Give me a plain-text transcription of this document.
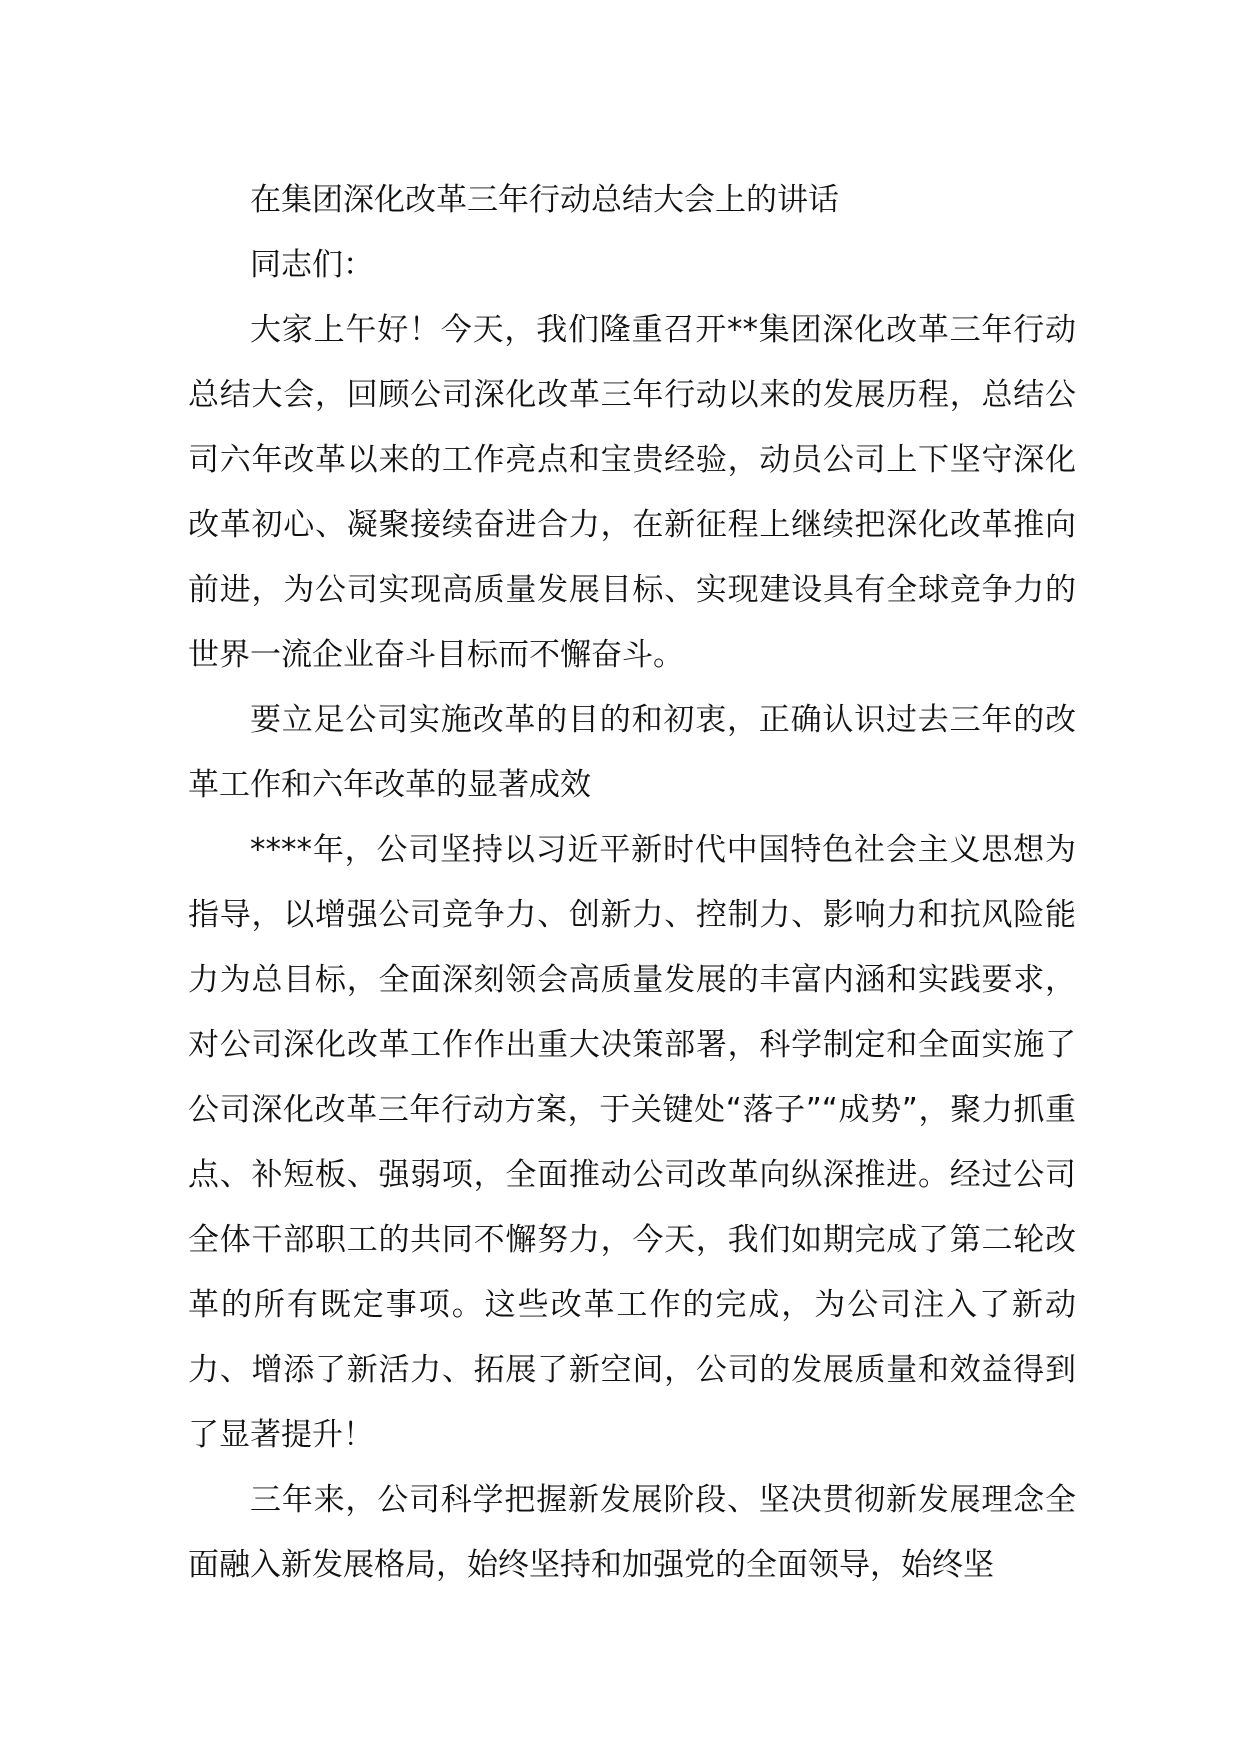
在集团深化改革三年行动总结大会上的讲话

同志们：

大家上午好！今天，我们隆重召开**集团深化改革三年行动总结大会，回顾公司深化改革三年行动以来的发展历程，总结公司六年改革以来的工作亮点和宝贵经验，动员公司上下坚守深化改革初心、凝聚接续奋进合力，在新征程上继续把深化改革推向前进，为公司实现高质量发展目标、实现建设具有全球竞争力的世界一流企业奋斗目标而不懈奋斗。

要立足公司实施改革的目的和初衷，正确认识过去三年的改革工作和六年改革的显著成效

****年，公司坚持以习近平新时代中国特色社会主义思想为指导，以增强公司竞争力、创新力、控制力、影响力和抗风险能力为总目标，全面深刻领会高质量发展的丰富内涵和实践要求，对公司深化改革工作作出重大决策部署，科学制定和全面实施了公司深化改革三年行动方案，于关键处“落子”“成势”，聚力抓重点、补短板、强弱项，全面推动公司改革向纵深推进。经过公司全体干部职工的共同不懈努力，今天，我们如期完成了第二轮改革的所有既定事项。这些改革工作的完成，为公司注入了新动力、增添了新活力、拓展了新空间，公司的发展质量和效益得到了显著提升！

三年来，公司科学把握新发展阶段、坚决贯彻新发展理念全面融入新发展格局，始终坚持和加强党的全面领导，始终坚
